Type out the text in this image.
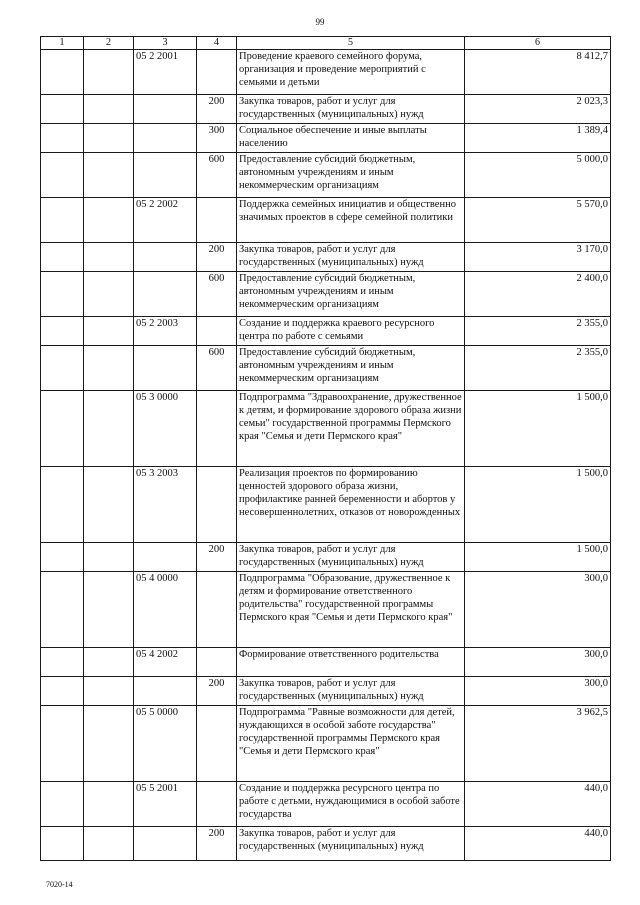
99
1	2	3	4	5	6
		05 2 2001		Проведение краевого семейного форума, организация и проведение мероприятий с семьями и детьми	8 412,7
			200	Закупка товаров, работ и услуг для государственных (муниципальных) нужд	2 023,3
			300	Социальное обеспечение и иные выплаты населению	1 389,4
			600	Предоставление субсидий бюджетным, автономным учреждениям и иным некоммерческим организациям	5 000,0
		05 2 2002		Поддержка семейных инициатив и общественно значимых проектов в сфере семейной политики	5 570,0
			200	Закупка товаров, работ и услуг для государственных (муниципальных) нужд	3 170,0
			600	Предоставление субсидий бюджетным, автономным учреждениям и иным некоммерческим организациям	2 400,0
		05 2 2003		Создание и поддержка краевого ресурсного центра по работе с семьями	2 355,0
			600	Предоставление субсидий бюджетным, автономным учреждениям и иным некоммерческим организациям	2 355,0
		05 3 0000		Подпрограмма "Здравоохранение, дружественное к детям, и формирование здорового образа жизни семьи" государственной программы Пермского края "Семья и дети Пермского края"	1 500,0
		05 3 2003		Реализация проектов по формированию ценностей здорового образа жизни, профилактике ранней беременности и абортов у несовершеннолетних, отказов от новорожденных	1 500,0
			200	Закупка товаров, работ и услуг для государственных (муниципальных) нужд	1 500,0
		05 4 0000		Подпрограмма "Образование, дружественное к детям и формирование ответственного родительства" государственной программы Пермского края "Семья и дети Пермского края"	300,0
		05 4 2002		Формирование ответственного родительства	300,0
			200	Закупка товаров, работ и услуг для государственных (муниципальных) нужд	300,0
		05 5 0000		Подпрограмма "Равные возможности для детей, нуждающихся в особой заботе государства" государственной программы Пермского края "Семья и дети Пермского края"	3 962,5
		05 5 2001		Создание и поддержка ресурсного центра по работе с детьми, нуждающимися в особой заботе государства	440,0
			200	Закупка товаров, работ и услуг для государственных (муниципальных) нужд	440,0
7020-14
